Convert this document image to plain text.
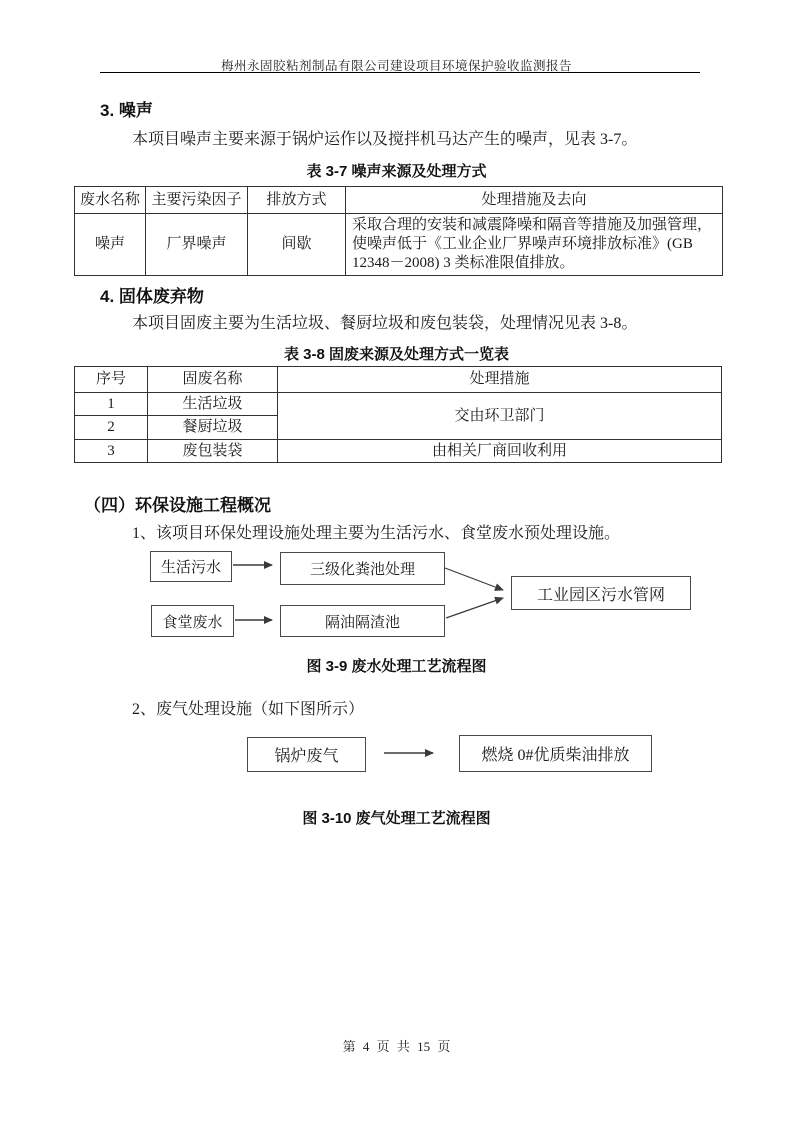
梅州永固胶粘剂制品有限公司建设项目环境保护验收监测报告
3. 噪声
本项目噪声主要来源于锅炉运作以及搅拌机马达产生的噪声，见表 3-7。
表 3-7 噪声来源及处理方式
废水名称	主要污染因子	排放方式	处理措施及去向
噪声	厂界噪声	间歇	采取合理的安装和减震降噪和隔音等措施及加强管理，使噪声低于《工业企业厂界噪声环境排放标准》(GB 12348－2008) 3 类标准限值排放。
4. 固体废弃物
本项目固废主要为生活垃圾、餐厨垃圾和废包装袋，处理情况见表 3-8。
表 3-8 固废来源及处理方式一览表
序号	固废名称	处理措施
1	生活垃圾	交由环卫部门
2	餐厨垃圾	
3	废包装袋	由相关厂商回收利用
（四）环保设施工程概况
1、该项目环保处理设施处理主要为生活污水、食堂废水预处理设施。
生活污水	三级化粪池处理
食堂废水	隔油隔渣池
工业园区污水管网
图 3-9 废水处理工艺流程图
2、废气处理设施（如下图所示）
锅炉废气	燃烧 0#优质柴油排放
图 3-10 废气处理工艺流程图
第 4 页 共 15 页
